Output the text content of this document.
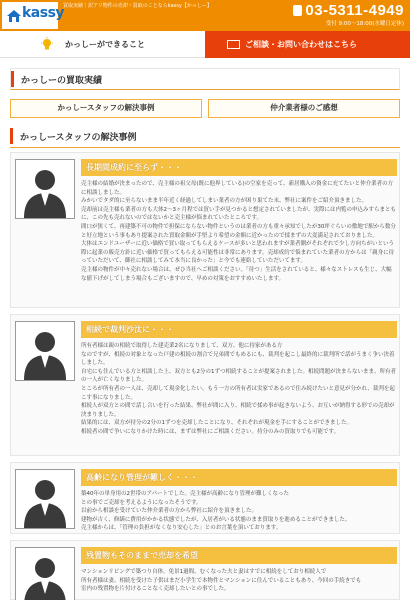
kassy
買取実績｜訳アリ物件の売却・買取のことならkassy【かっしー】	03-5311-4949
受付 9:00〜18:00(水曜日定休)
かっしーができること	ご相談・お問い合わせはこちら
かっしーの買取実績
かっしースタッフの解決事例	仲介業者様のご感想
かっしースタッフの解決事例
長期間成約に至らず・・・

売主様の結婚が決まったので、売主様の祖父母(既に他界している)の空家を売って、新居購入の資金に充てたいと仲介業者の方に相談しました。

みかいでタダ的に至らないまま半年近く経過してしまい業者の方が困り果てた末、弊社に案件をご紹介頂きました。

売却前は売主様も業者の方も大体2〜3ヶ月程では買い手が見つかると想定されていましたが、実際には内覧の申込みすらまともに、この先も売れないのではないかと売主様が悩まれていたところです。

間口が狭くて、再建築不可の物件で担保にならない物件というのは業者の方も重々承知でしたが30坪ぐらいの敷地で駅から数分と好立地という事もあり提案された買取金額が手堅より希望の金額に近かったので揉まずの大変満足されておりました。

大体はエンドユーザーに近い価格で買い取ってもらえるケースが多いと思われますが業者側がそれぞれで少し方向ちがいという際に起業の販売方針に近い価格で買ってもらえる可能性は非常にあります。売却成約で悩まれていた業者の方からは「親身に待っていただいて、御社に相談してみて本当に良かった」と今でも連絡していただいてます。

売主様の物件が中々売れない場合は、ぜひ当社へご相談ください。「待つ」生活をされていると、様々なストレスも生じ、大幅な値下げがしてしまう場合もございますので、早めの対策をおすすめいたします。

相続で裁判沙汰に・・・

所有者様は親の相続で取得した建売業2名になりまして、双方、他に持家がある方

なのですが、相続の対象となった戸建の相続の割合で兄弟間でもめるにも、裁判を起こし最終的に裁判所で話がうまく争い決着しました。

自宅にも住んでいる方と相談した上、双方とも2分の1ずつ相続することが提案されました。相続問題が決まらないまま、所有者の一人が亡くなりました。

ところが所有者の一人は、売却して現金化したい、もう一方の所有者は実家であるので住み続けたいと意見が分かれ、裁判を起こす事になりました。

相続人が双方との間で話し合いを行った結果、弊社が間に入り、相続で揉め事が起きないよう、お互いが納得する形での売却が決まりました。

結果的には、双方が持分の2分の1ずつを売却したことになり、それぞれが現金を手にすることができました。

相続者の間で争いになりかけた時には、まずは弊社にご相談ください。持分のみの買取りでも可能です。

高齢になり管理が難しく・・・

築40年の単身用の2世帯のアパートでした。売主様が高齢になり管理が難しくなった

との事でご売却を考えるようになったそうです。

以前から相談を受けていた仲介業者の方から弊社に紹介を頂きました。

建物が古く、修繕に費用がかかる状態でしたが、入居者がいる状態のまま買取りを進めることができました。

売主様からは、「管理の負担がなくなり安心した」とのお言葉を頂いております。

残置物もそのままで売却を希望

マンションリビングで築つり自体。免景1過間、むくなった夫と妻はすでに相続をしており相続人で

所有者様は妻、相続を受けた子供はまだ小学生で本物件とマンションに住んでいることもあり、今回の手続きでも

室内の残置物を片付けることなく売却したいとの事でした。
